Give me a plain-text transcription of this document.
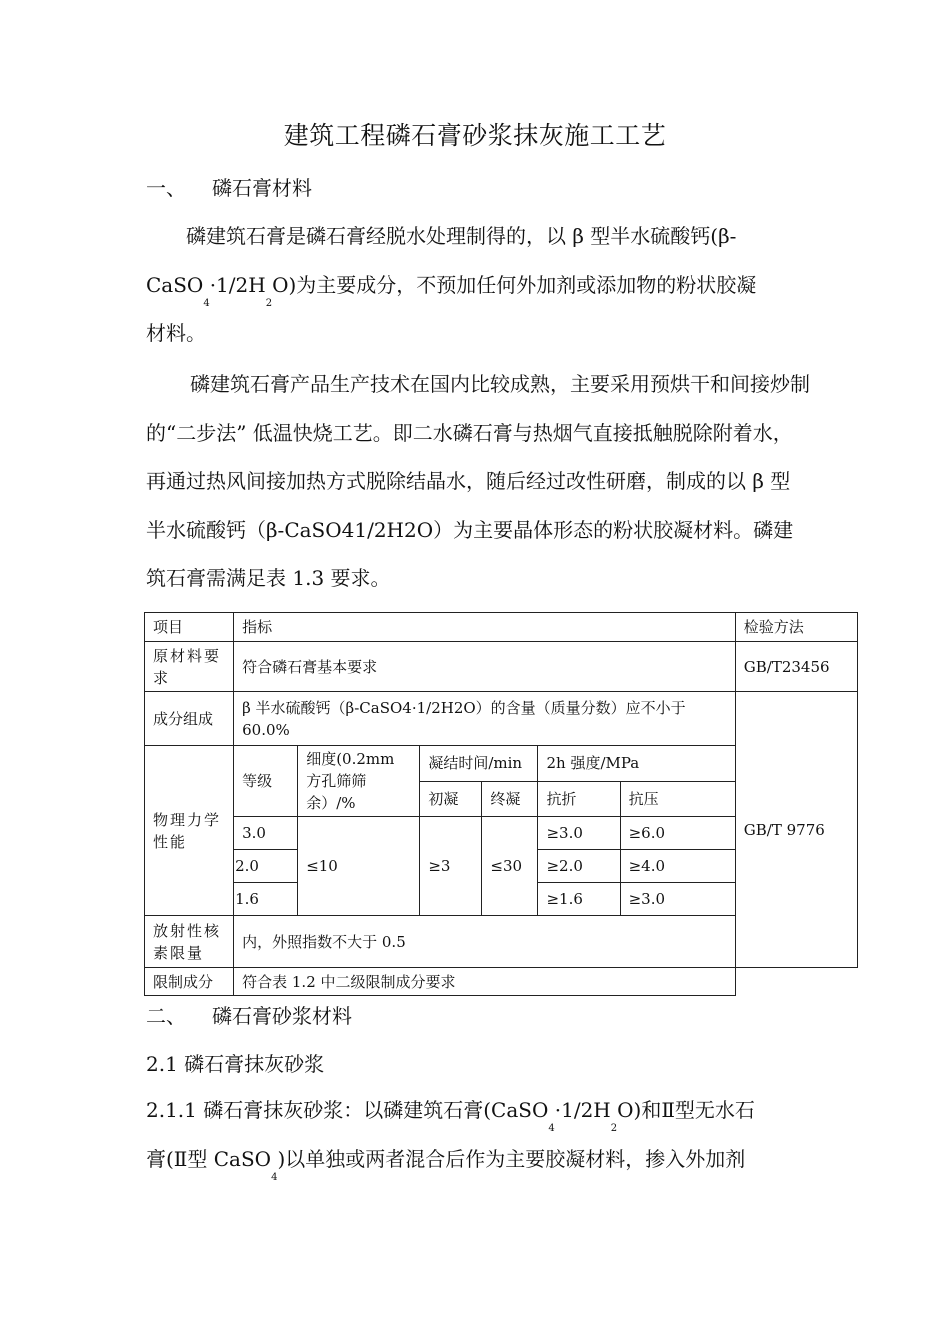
建筑工程磷石膏砂浆抹灰施工工艺
一、 磷石膏材料
磷建筑石膏是磷石膏经脱水处理制得的，以 β 型半水硫酸钙(β-
$CaSO_4\cdot 1/2H_2O$)为主要成分，不预加任何外加剂或添加物的粉状胶凝
材料。
磷建筑石膏产品生产技术在国内比较成熟，主要采用预烘干和间接炒制的“二步法” 低温快烧工艺。即二水磷石膏与热烟气直接抵触脱除附着水，再通过热风间接加热方式脱除结晶水，随后经过改性研磨，制成的以 β 型半水硫酸钙（β-CaSO41/2H2O）为主要晶体形态的粉状胶凝材料。磷建筑石膏需满足表 1.3 要求。
项目	指标						检验方法
原材料要求	符合磷石膏基本要求						GB/T23456
成分组成	β 半水硫酸钙（β-CaSO4·1/2H2O）的含量（质量分数）应不小于 60.0%						GB/T 9776
物理力学性能	等级	细度(0.2mm 方孔筛筛余）/%	凝结时间/min		2h 强度/MPa		
			初凝	终凝	抗折	抗压	
	3.0	≤10	≥3	≤30	≥3.0	≥6.0	
	2.0				≥2.0	≥4.0	
	1.6				≥1.6	≥3.0	
放射性核素限量	内，外照指数不大于 0.5						
限制成分	符合表 1.2 中二级限制成分要求						
二、 磷石膏砂浆材料
2.1 磷石膏抹灰砂浆
2.1.1 磷石膏抹灰砂浆：以磷建筑石膏$(CaSO_4\cdot 1/2H_2O)$和Ⅱ型无水石
膏(Ⅱ型 CaSO$_4$)以单独或两者混合后作为主要胶凝材料，掺入外加剂
